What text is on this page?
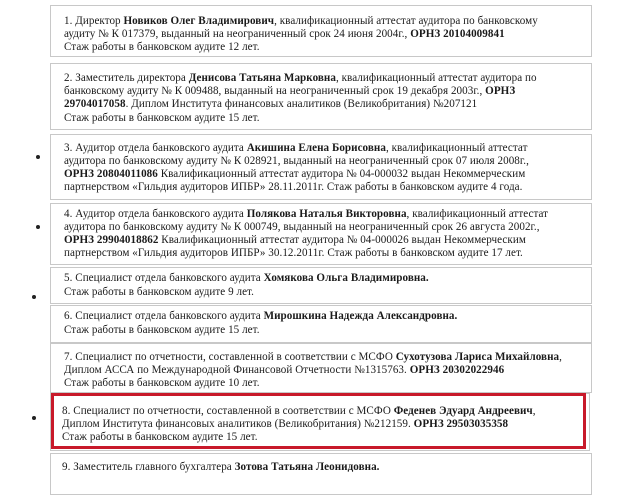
1. Директор Новиков Олег Владимирович, квалификационный аттестат аудитора по банковскому
аудиту № К 017379, выданный на неограниченный срок 24 июня 2004г., ОРНЗ 20104009841
Стаж работы в банковском аудите 12 лет.
2. Заместитель директора Денисова Татьяна Марковна, квалификационный аттестат аудитора по
банковскому аудиту № К 009488, выданный на неограниченный срок 19 декабря 2003г., ОРНЗ
29704017058. Диплом Института финансовых аналитиков (Великобритания) №207121
Стаж работы в банковском аудите 15 лет.
3. Аудитор отдела банковского аудита Акишина Елена Борисовна, квалификационный аттестат
аудитора по банковскому аудиту № К 028921, выданный на неограниченный срок 07 июля 2008г.,
ОРНЗ 20804011086 Квалификационный аттестат аудитора № 04-000032 выдан Некоммерческим
партнерством «Гильдия аудиторов ИПБР» 28.11.2011г. Стаж работы в банковском аудите 4 года.
4. Аудитор отдела банковского аудита Полякова Наталья Викторовна, квалификационный аттестат
аудитора по банковскому аудиту № К 000749, выданный на неограниченный срок 26 августа 2002г.,
ОРНЗ 29904018862 Квалификационный аттестат аудитора № 04-000026 выдан Некоммерческим
партнерством «Гильдия аудиторов ИПБР» 30.12.2011г. Стаж работы в банковском аудите 17 лет.
5. Специалист отдела банковского аудита Хомякова Ольга Владимировна.
Стаж работы в банковском аудите 9 лет.
6. Специалист отдела банковского аудита Мирошкина Надежда Александровна.
Стаж работы в банковском аудите 15 лет.
7. Специалист по отчетности, составленной в соответствии с МСФО Сухотузова Лариса Михайловна,
Диплом АССА по Международной Финансовой Отчетности №1315763. ОРНЗ 20302022946
Стаж работы в банковском аудите 10 лет.
8. Специалист по отчетности, составленной в соответствии с МСФО Феденев Эдуард Андреевич,
Диплом Института финансовых аналитиков (Великобритания) №212159. ОРНЗ 29503035358
Стаж работы в банковском аудите 15 лет.
9. Заместитель главного бухгалтера Зотова Татьяна Леонидовна.
